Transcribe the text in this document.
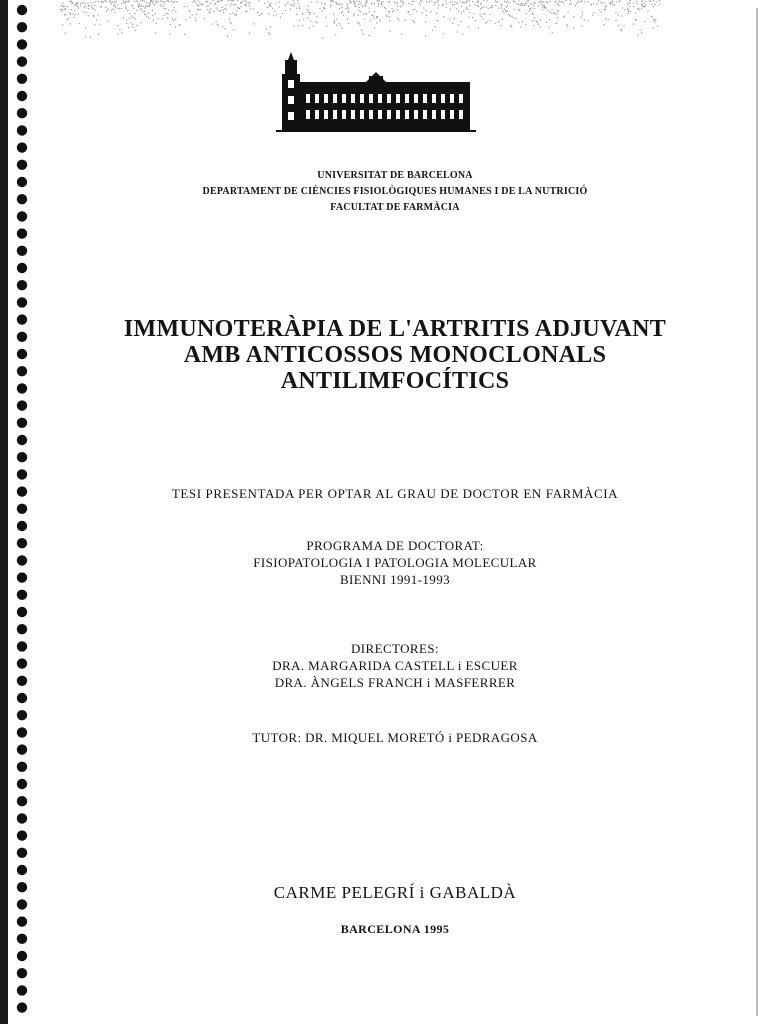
UNIVERSITAT DE BARCELONA
DEPARTAMENT DE CIÈNCIES FISIOLÒGIQUES HUMANES I DE LA NUTRICIÓ
FACULTAT DE FARMÀCIA
IMMUNOTERÀPIA DE L'ARTRITIS ADJUVANT
AMB ANTICOSSOS MONOCLONALS
ANTILIMFOCÍTICS
TESI PRESENTADA PER OPTAR AL GRAU DE DOCTOR EN FARMÀCIA
PROGRAMA DE DOCTORAT:
FISIOPATOLOGIA I PATOLOGIA MOLECULAR
BIENNI 1991-1993
DIRECTORES:
DRA. MARGARIDA CASTELL i ESCUER
DRA. ÀNGELS FRANCH i MASFERRER
TUTOR: DR. MIQUEL MORETÓ i PEDRAGOSA
CARME PELEGRÍ i GABALDÀ
BARCELONA 1995
